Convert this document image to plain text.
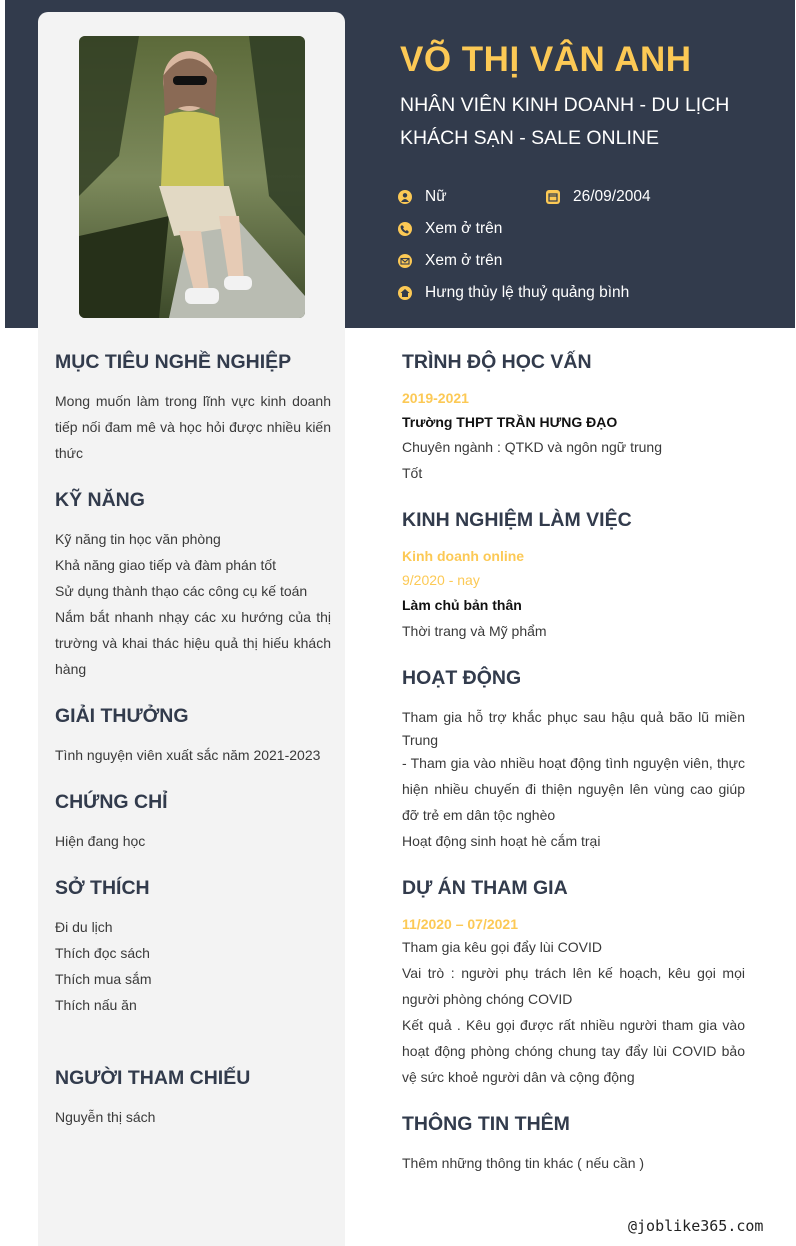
VÕ THỊ VÂN ANH
NHÂN VIÊN KINH DOANH - DU LỊCH KHÁCH SẠN - SALE ONLINE
Nữ	26/09/2004
Xem ở trên
Xem ở trên
Hưng thủy lệ thuỷ quảng bình
MỤC TIÊU NGHỀ NGHIỆP
Mong muốn làm trong lĩnh vực kinh doanh tiếp nối đam mê và học hỏi được nhiều kiến thức
KỸ NĂNG
Kỹ năng tin học văn phòng
Khả năng giao tiếp và đàm phán tốt
Sử dụng thành thạo các công cụ kế toán
Nắm bắt nhanh nhạy các xu hướng của thị trường và khai thác hiệu quả thị hiếu khách hàng
GIẢI THƯỞNG
Tình nguyện viên xuất sắc năm 2021-2023
CHỨNG CHỈ
Hiện đang học
SỞ THÍCH
Đi du lịch
Thích đọc sách
Thích mua sắm
Thích nấu ăn
NGƯỜI THAM CHIẾU
Nguyễn thị sách
TRÌNH ĐỘ HỌC VẤN
2019-2021
Trường THPT TRẦN HƯNG ĐẠO
Chuyên ngành : QTKD và ngôn ngữ trung
Tốt
KINH NGHIỆM LÀM VIỆC
Kinh doanh online
9/2020 - nay
Làm chủ bản thân
Thời trang và Mỹ phẩm
HOẠT ĐỘNG
Tham gia hỗ trợ khắc phục sau hậu quả bão lũ miền Trung
- Tham gia vào nhiều hoạt động tình nguyện viên, thực hiện nhiều chuyến đi thiện nguyện lên vùng cao giúp đỡ trẻ em dân tộc nghèo
Hoạt động sinh hoạt hè cắm trại
DỰ ÁN THAM GIA
11/2020 – 07/2021
Tham gia kêu gọi đẩy lùi COVID
Vai trò : người phụ trách lên kế hoạch, kêu gọi mọi người phòng chóng COVID
Kết quả . Kêu gọi được rất nhiều người tham gia vào hoạt động phòng chóng chung tay đẩy lùi COVID bảo vệ sức khoẻ người dân và cộng động
THÔNG TIN THÊM
Thêm những thông tin khác ( nếu cần )
@joblike365.com
